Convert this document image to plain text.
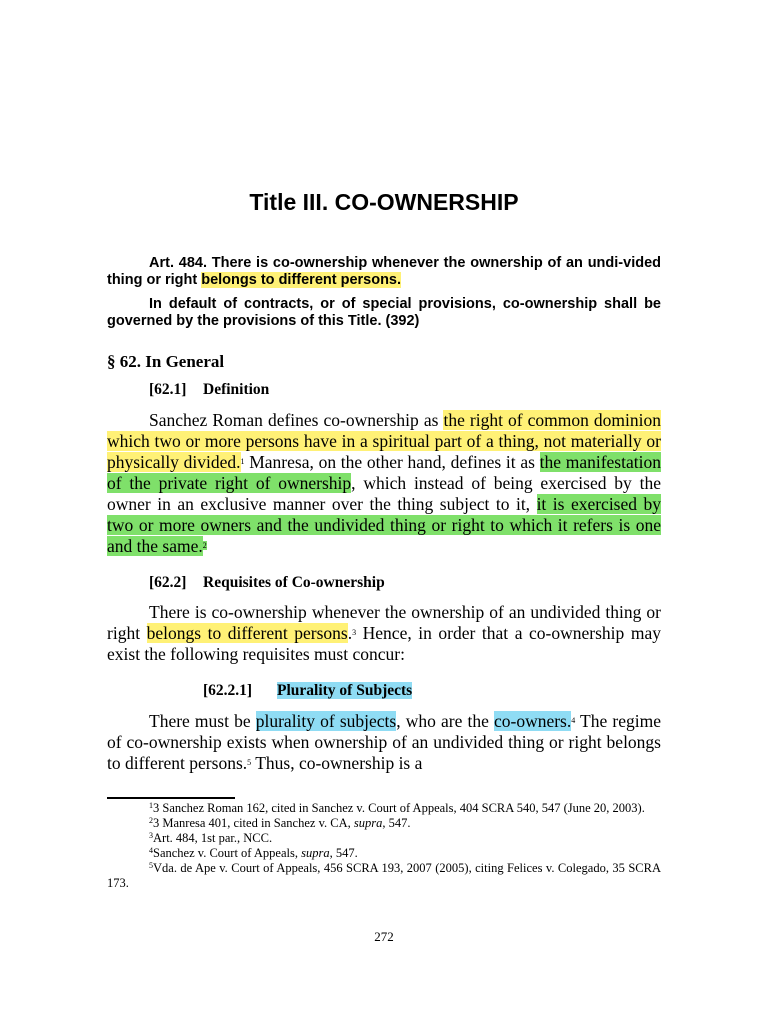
Title III. CO-OWNERSHIP

Art. 484. There is co-ownership whenever the ownership of an undi-vided thing or right belongs to different persons.

In default of contracts, or of special provisions, co-ownership shall be governed by the provisions of this Title. (392)

§ 62. In General
[62.1] Definition

Sanchez Roman defines co-ownership as the right of common dominion which two or more persons have in a spiritual part of a thing, not materially or physically divided.$^1$ Manresa, on the other hand, defines it as the manifestation of the private right of ownership, which instead of being exercised by the owner in an exclusive manner over the thing subject to it, it is exercised by two or more owners and the undivided thing or right to which it refers is one and the same.$^2$

[62.2] Requisites of Co-ownership

There is co-ownership whenever the ownership of an undivided thing or right belongs to different persons.$^3$ Hence, in order that a co-ownership may exist the following requisites must concur:

[62.2.1] Plurality of Subjects

There must be plurality of subjects, who are the co-owners.$^4$ The regime of co-ownership exists when ownership of an undivided thing or right belongs to different persons.$^5$ Thus, co-ownership is a

$^1$3 Sanchez Roman 162, cited in Sanchez v. Court of Appeals, 404 SCRA 540, 547 (June 20, 2003).

$^2$3 Manresa 401, cited in Sanchez v. CA, supra, 547.

$^3$Art. 484, 1st par., NCC.

$^4$Sanchez v. Court of Appeals, supra, 547.

$^5$Vda. de Ape v. Court of Appeals, 456 SCRA 193, 2007 (2005), citing Felices v. Colegado, 35 SCRA 173.

272
